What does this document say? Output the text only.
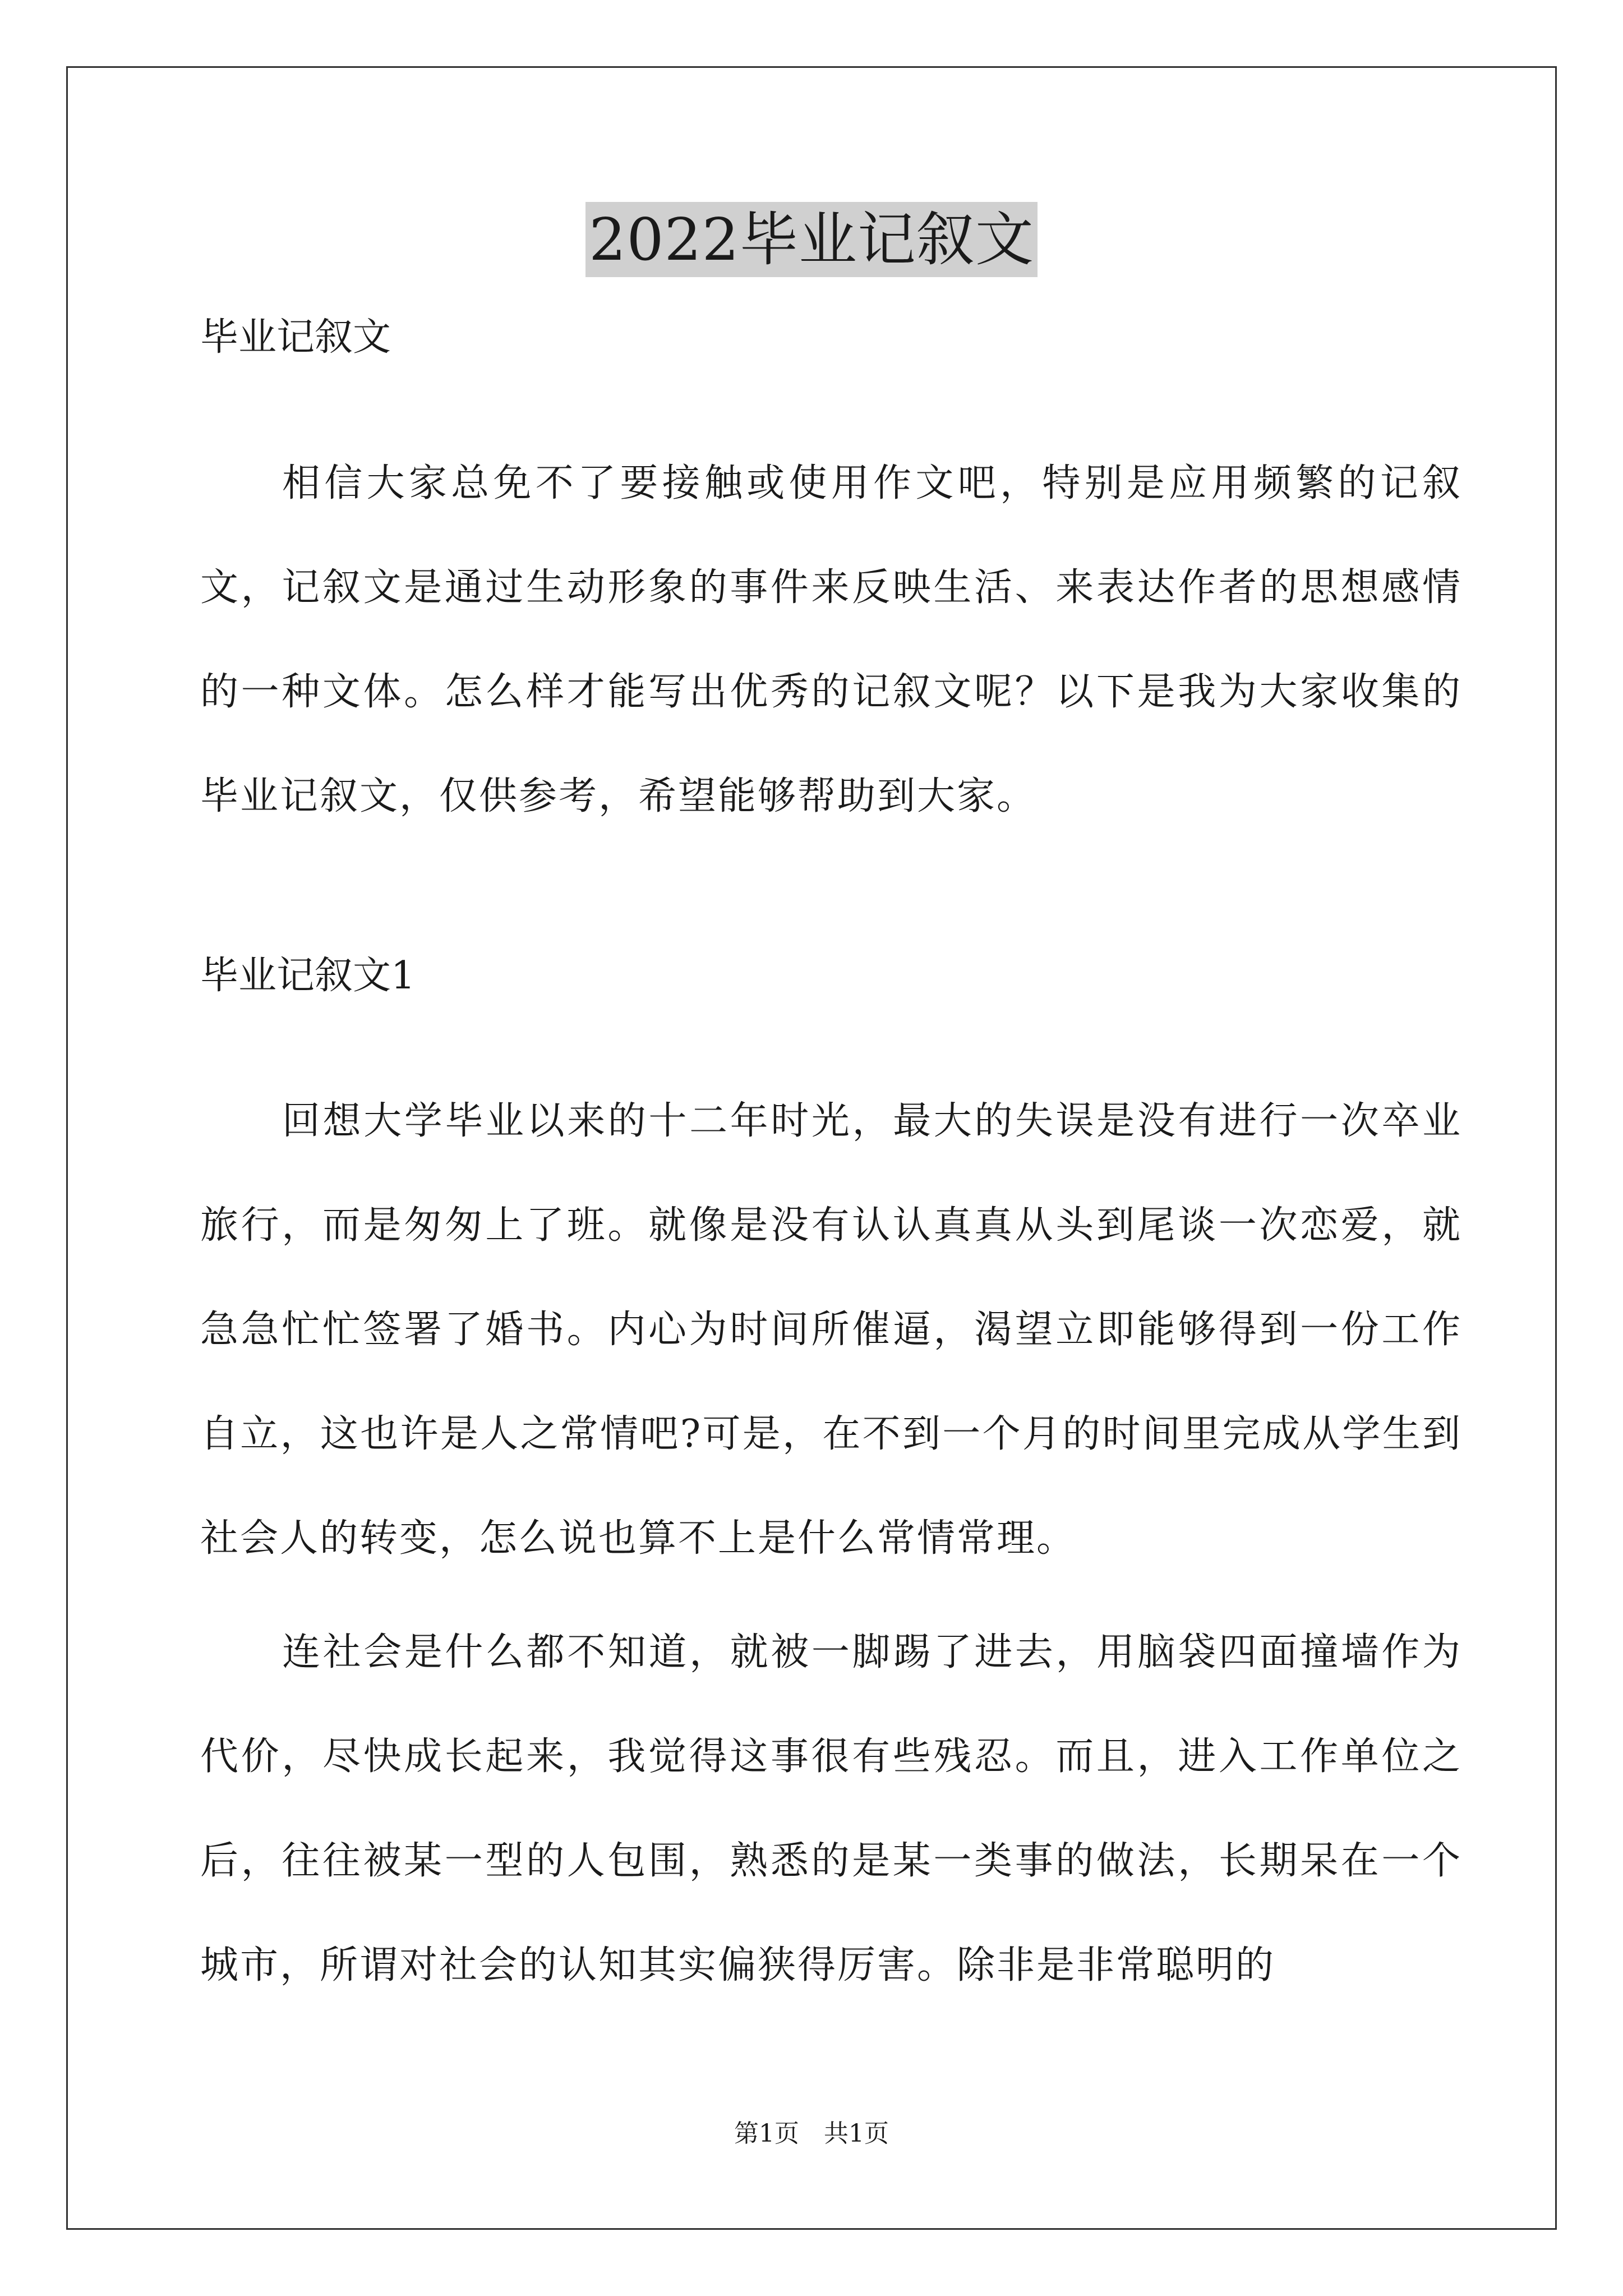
2022毕业记叙文
毕业记叙文

相信大家总免不了要接触或使用作文吧，特别是应用频繁的记叙文，记叙文是通过生动形象的事件来反映生活、来表达作者的思想感情的一种文体。怎么样才能写出优秀的记叙文呢？以下是我为大家收集的毕业记叙文，仅供参考，希望能够帮助到大家。

毕业记叙文1

回想大学毕业以来的十二年时光，最大的失误是没有进行一次卒业旅行，而是匆匆上了班。就像是没有认认真真从头到尾谈一次恋爱，就急急忙忙签署了婚书。内心为时间所催逼，渴望立即能够得到一份工作自立，这也许是人之常情吧?可是，在不到一个月的时间里完成从学生到社会人的转变，怎么说也算不上是什么常情常理。

连社会是什么都不知道，就被一脚踢了进去，用脑袋四面撞墙作为代价，尽快成长起来，我觉得这事很有些残忍。而且，进入工作单位之后，往往被某一型的人包围，熟悉的是某一类事的做法，长期呆在一个城市，所谓对社会的认知其实偏狭得厉害。除非是非常聪明的

第1页　共1页
